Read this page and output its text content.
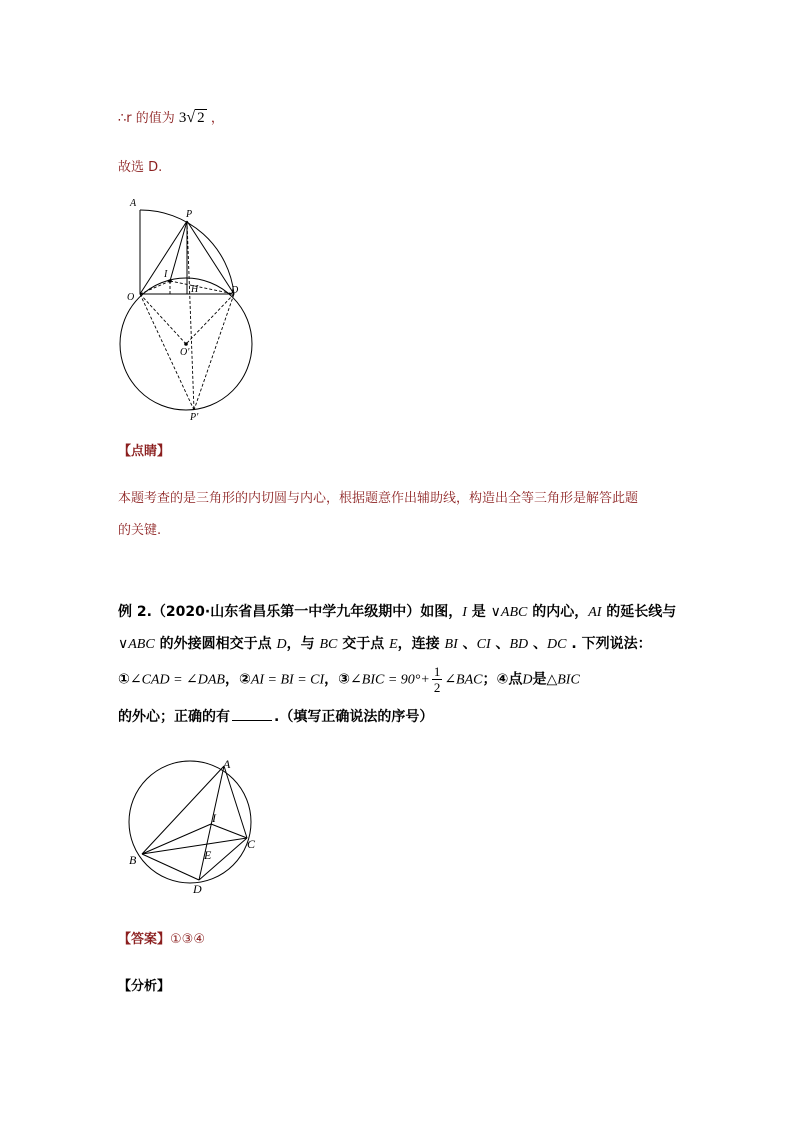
∴r 的值为 3√ 2 ，
故选 D.
A
P
O
I
H	D
O'
P'
【点睛】
本题考查的是三角形的内切圆与内心，根据题意作出辅助线，构造出全等三角形是解答此题
的关键.
例 2.（2020·山东省昌乐第一中学九年级期中）如图，I 是 ∨ABC 的内心，AI 的延长线与
∨ABC 的外接圆相交于点 D，与 BC 交于点 E，连接 BI 、CI 、BD 、DC . 下列说法：
①∠CAD = ∠DAB，②AI = BI = CI，③∠BIC = $90^\circ+ \frac{1}{2}$ ∠BAC；④点D是△BIC
的外心；正确的有	.（填写正确说法的序号）
A
B
C
D
I
E
【答案】①③④
【分析】
